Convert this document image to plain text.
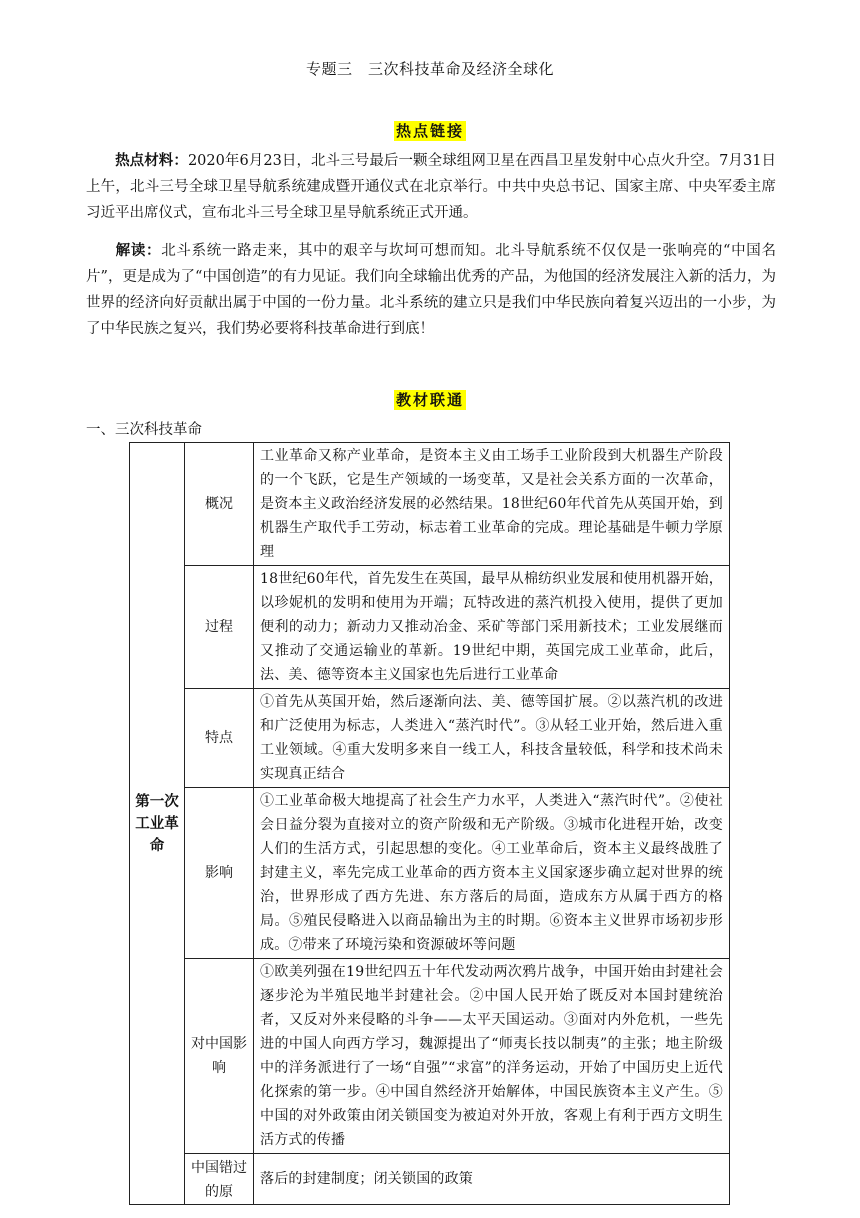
专题三　三次科技革命及经济全球化
热点链接
  热点材料：2020年6月23日，北斗三号最后一颗全球组网卫星在西昌卫星发射中心点火升空。7月31日上午，北斗三号全球卫星导航系统建成暨开通仪式在北京举行。中共中央总书记、国家主席、中央军委主席习近平出席仪式，宣布北斗三号全球卫星导航系统正式开通。
  解读：北斗系统一路走来，其中的艰辛与坎坷可想而知。北斗导航系统不仅仅是一张响亮的“中国名片”，更是成为了“中国创造”的有力见证。我们向全球输出优秀的产品，为他国的经济发展注入新的活力，为世界的经济向好贡献出属于中国的一份力量。北斗系统的建立只是我们中华民族向着复兴迈出的一小步，为了中华民族之复兴，我们势必要将科技革命进行到底！
教材联通
一、三次科技革命
第一次工业革命	概况	工业革命又称产业革命，是资本主义由工场手工业阶段到大机器生产阶段的一个飞跃，它是生产领域的一场变革，又是社会关系方面的一次革命，是资本主义政治经济发展的必然结果。18世纪60年代首先从英国开始，到机器生产取代手工劳动，标志着工业革命的完成。理论基础是牛顿力学原理
	过程	18世纪60年代，首先发生在英国，最早从棉纺织业发展和使用机器开始，以珍妮机的发明和使用为开端；瓦特改进的蒸汽机投入使用，提供了更加便利的动力；新动力又推动冶金、采矿等部门采用新技术；工业发展继而又推动了交通运输业的革新。19世纪中期，英国完成工业革命，此后，法、美、德等资本主义国家也先后进行工业革命
	特点	①首先从英国开始，然后逐渐向法、美、德等国扩展。②以蒸汽机的改进和广泛使用为标志，人类进入“蒸汽时代”。③从轻工业开始，然后进入重工业领域。④重大发明多来自一线工人，科技含量较低，科学和技术尚未实现真正结合
	影响	①工业革命极大地提高了社会生产力水平，人类进入“蒸汽时代”。②使社会日益分裂为直接对立的资产阶级和无产阶级。③城市化进程开始，改变人们的生活方式，引起思想的变化。④工业革命后，资本主义最终战胜了封建主义，率先完成工业革命的西方资本主义国家逐步确立起对世界的统治，世界形成了西方先进、东方落后的局面，造成东方从属于西方的格局。⑤殖民侵略进入以商品输出为主的时期。⑥资本主义世界市场初步形成。⑦带来了环境污染和资源破坏等问题
	对中国影响	①欧美列强在19世纪四五十年代发动两次鸦片战争，中国开始由封建社会逐步沦为半殖民地半封建社会。②中国人民开始了既反对本国封建统治者，又反对外来侵略的斗争——太平天国运动。③面对内外危机，一些先进的中国人向西方学习，魏源提出了“师夷长技以制夷”的主张；地主阶级中的洋务派进行了一场“自强”“求富”的洋务运动，开始了中国历史上近代化探索的第一步。④中国自然经济开始解体，中国民族资本主义产生。⑤中国的对外政策由闭关锁国变为被迫对外开放，客观上有利于西方文明生活方式的传播
	中国错过的原	落后的封建制度；闭关锁国的政策
